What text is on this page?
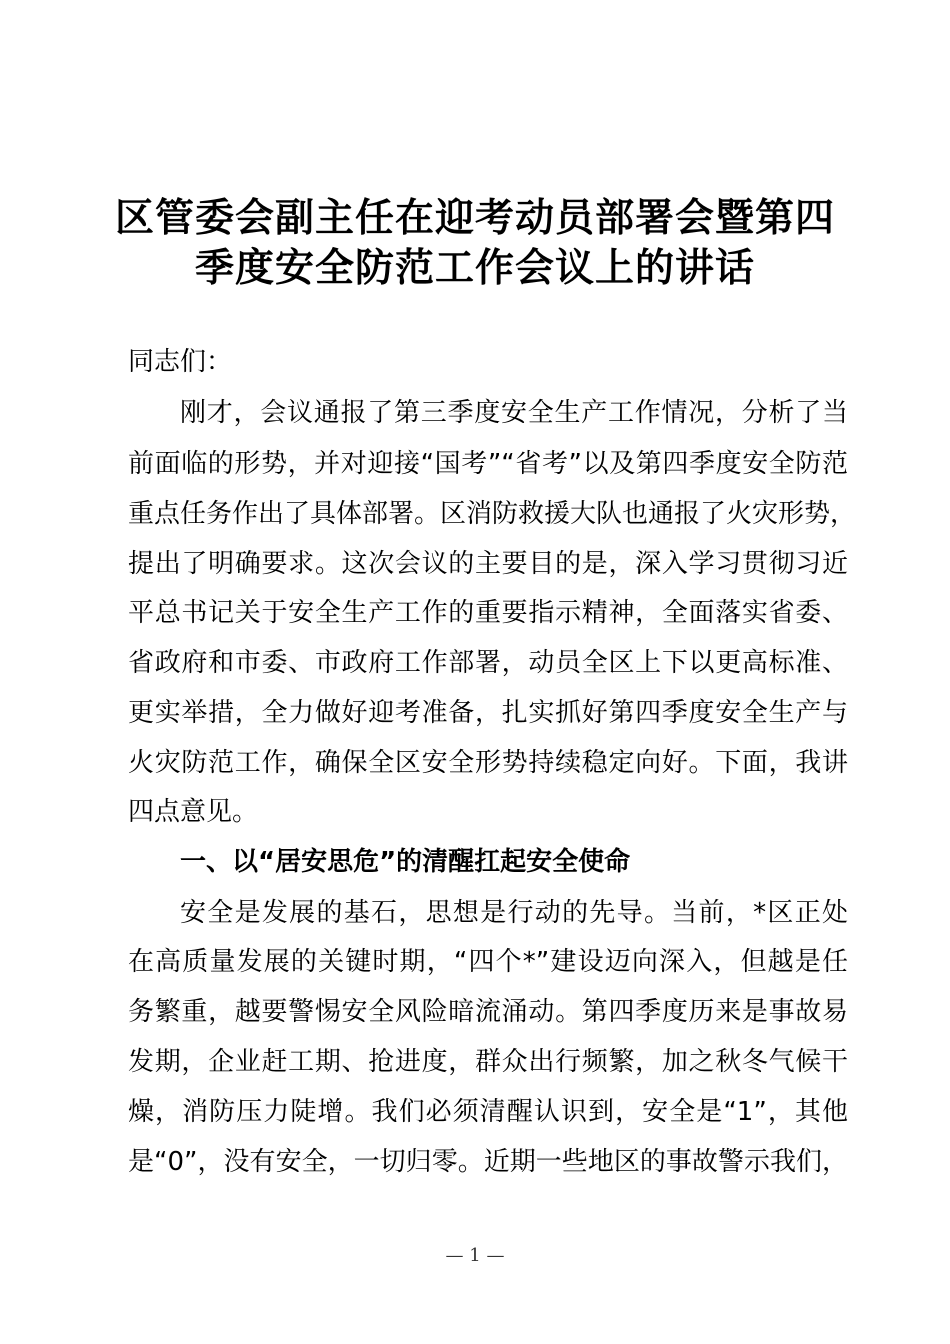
区管委会副主任在迎考动员部署会暨第四
季度安全防范工作会议上的讲话
同志们：
刚才，会议通报了第三季度安全生产工作情况，分析了当
前面临的形势，并对迎接“国考”“省考”以及第四季度安全防范
重点任务作出了具体部署。区消防救援大队也通报了火灾形势，
提出了明确要求。这次会议的主要目的是，深入学习贯彻习近
平总书记关于安全生产工作的重要指示精神，全面落实省委、
省政府和市委、市政府工作部署，动员全区上下以更高标准、
更实举措，全力做好迎考准备，扎实抓好第四季度安全生产与
火灾防范工作，确保全区安全形势持续稳定向好。下面，我讲
四点意见。
一、以“居安思危”的清醒扛起安全使命
安全是发展的基石，思想是行动的先导。当前，*区正处
在高质量发展的关键时期，“四个*”建设迈向深入，但越是任
务繁重，越要警惕安全风险暗流涌动。第四季度历来是事故易
发期，企业赶工期、抢进度，群众出行频繁，加之秋冬气候干
燥，消防压力陡增。我们必须清醒认识到，安全是“1”，其他
是“0”，没有安全，一切归零。近期一些地区的事故警示我们，
— 1 —
